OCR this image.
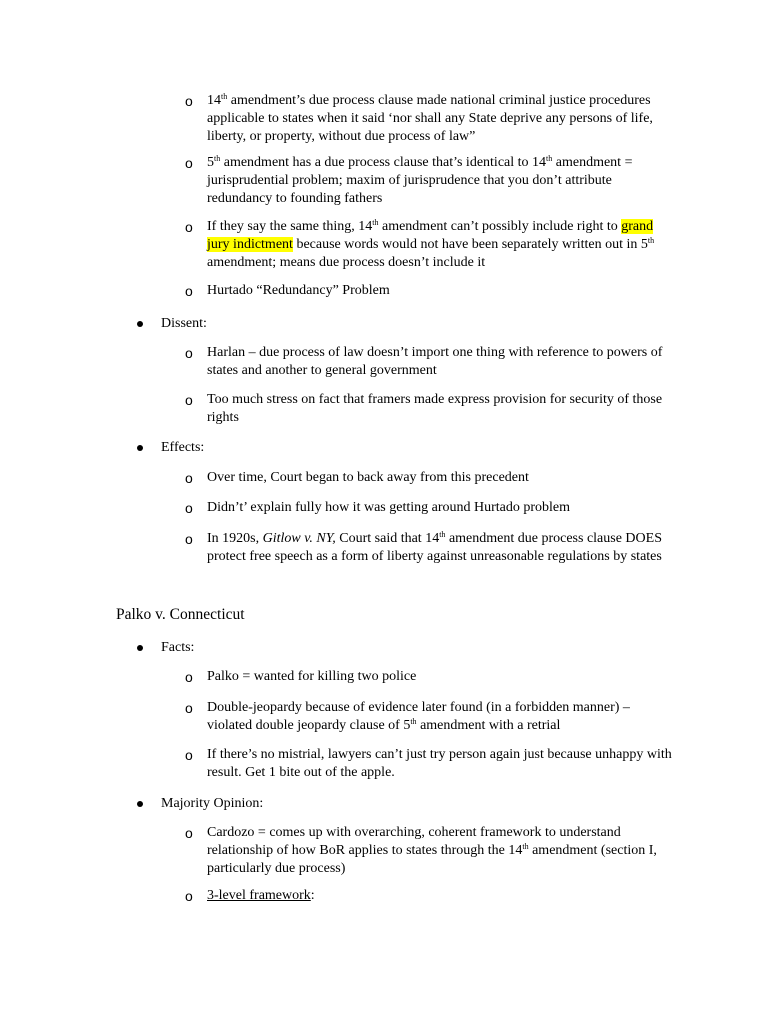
o 14th amendment’s due process clause made national criminal justice procedures applicable to states when it said ‘nor shall any State deprive any persons of life, liberty, or property, without due process of law”
o 5th amendment has a due process clause that’s identical to 14th amendment = jurisprudential problem; maxim of jurisprudence that you don’t attribute redundancy to founding fathers
o If they say the same thing, 14th amendment can’t possibly include right to grand
jury indictment because words would not have been separately written out in 5th amendment; means due process doesn’t include it
o Hurtado “Redundancy” Problem
Dissent:
o Harlan – due process of law doesn’t import one thing with reference to powers of states and another to general government
o Too much stress on fact that framers made express provision for security of those rights
Effects:
o Over time, Court began to back away from this precedent
o Didn’t’ explain fully how it was getting around Hurtado problem
o In 1920s, Gitlow v. NY, Court said that 14th amendment due process clause DOES protect free speech as a form of liberty against unreasonable regulations by states
Palko v. Connecticut
Facts:
o Palko = wanted for killing two police
o Double-jeopardy because of evidence later found (in a forbidden manner) – violated double jeopardy clause of 5th amendment with a retrial
o If there’s no mistrial, lawyers can’t just try person again just because unhappy with result. Get 1 bite out of the apple.
Majority Opinion:
o Cardozo = comes up with overarching, coherent framework to understand relationship of how BoR applies to states through the 14th amendment (section I, particularly due process)
o 3-level framework:
